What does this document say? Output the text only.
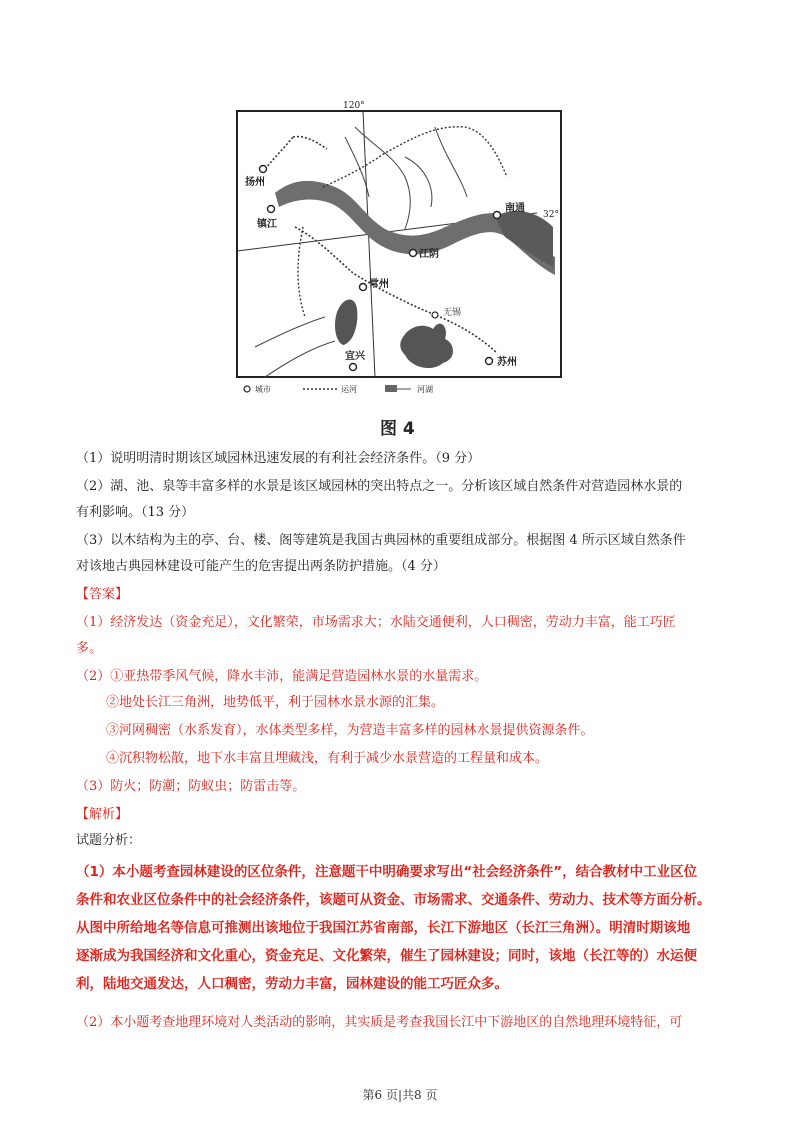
120°
32°
扬州
镇江
南通
江阴
常州
无锡
宜兴
苏州
城市	运河	河湖
图 4
（1）说明明清时期该区域园林迅速发展的有利社会经济条件。（9 分）
（2）湖、池、泉等丰富多样的水景是该区域园林的突出特点之一。分析该区域自然条件对营造园林水景的
有利影响。（13 分）
（3）以木结构为主的亭、台、楼、阁等建筑是我国古典园林的重要组成部分。根据图 4 所示区域自然条件
对该地古典园林建设可能产生的危害提出两条防护措施。（4 分）
【答案】
（1）经济发达（资金充足），文化繁荣，市场需求大；水陆交通便利，人口稠密，劳动力丰富，能工巧匠
多。
（2）①亚热带季风气候，降水丰沛，能满足营造园林水景的水量需求。
②地处长江三角洲，地势低平，利于园林水景水源的汇集。
③河网稠密（水系发育），水体类型多样，为营造丰富多样的园林水景提供资源条件。
④沉积物松散，地下水丰富且埋藏浅，有利于减少水景营造的工程量和成本。
（3）防火；防潮；防蚁虫；防雷击等。
【解析】
试题分析：
（1）本小题考查园林建设的区位条件，注意题干中明确要求写出“社会经济条件”，结合教材中工业区位
条件和农业区位条件中的社会经济条件，该题可从资金、市场需求、交通条件、劳动力、技术等方面分析。
从图中所给地名等信息可推测出该地位于我国江苏省南部，长江下游地区（长江三角洲）。明清时期该地
逐渐成为我国经济和文化重心，资金充足、文化繁荣，催生了园林建设；同时，该地（长江等的）水运便
利，陆地交通发达，人口稠密，劳动力丰富，园林建设的能工巧匠众多。
（2）本小题考查地理环境对人类活动的影响，其实质是考查我国长江中下游地区的自然地理环境特征，可
第6 页|共8 页
